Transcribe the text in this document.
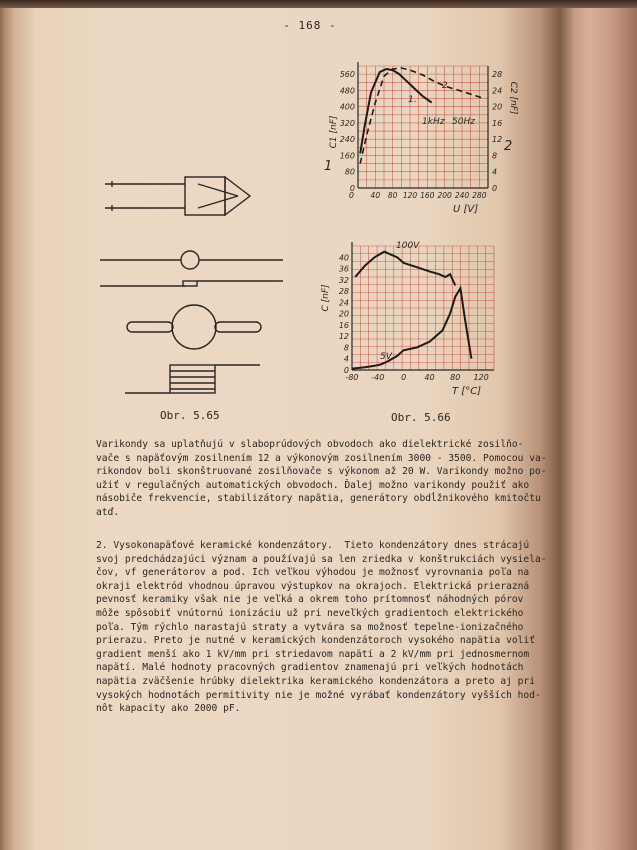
- 168 -
0
80
160
240
320
400
480
560
0
4
8
12
16
20
24
28
40 80 120 160 200 240 280
0
U [V]
C1 [nF]
C2 [nF]
1
2
1.
1kHz
2.
50Hz
0
4
8
12
16
20
24
28
32
36
40
-80 -40 0 40 80 120
T [°C]
C [nF]
100V
5V
Obr. 5.65	Obr. 5.66
Varikondy sa uplatňujú v slaboprúdových obvodoch ako dielektrické zosilňo-
vače s napäťovým zosilnením 12 a výkonovým zosilnením 3000 - 3500. Pomocou va-
rikondov boli skonštruované zosilňovače s výkonom až 20 W. Varikondy možno po-
užiť v regulačných automatických obvodoch. Ďalej možno varikondy použiť ako
násobiče frekvencie, stabilizátory napätia, generátory obdĺžnikového kmitočtu
atď.
2. Vysokonapäťové keramické kondenzátory.  Tieto kondenzátory dnes strácajú
svoj predchádzajúci význam a používajú sa len zriedka v konštrukciách vysiela-
čov, vf generátorov a pod. Ich veľkou výhodou je možnosť vyrovnania poľa na
okraji elektród vhodnou úpravou výstupkov na okrajoch. Elektrická prierazná
pevnosť keramiky však nie je veľká a okrem toho prítomnosť náhodných pórov
môže spôsobiť vnútornú ionizáciu už pri neveľkých gradientoch elektrického
poľa. Tým rýchlo narastajú straty a vytvára sa možnosť tepelne-ionizačného
prierazu. Preto je nutné v keramických kondenzátoroch vysokého napätia voliť
gradient menší ako 1 kV/mm pri striedavom napätí a 2 kV/mm pri jednosmernom
napätí. Malé hodnoty pracovných gradientov znamenajú pri veľkých hodnotách
napätia zväčšenie hrúbky dielektrika keramického kondenzátora a preto aj pri
vysokých hodnotách permitivity nie je možné vyrábať kondenzátory vyšších hod-
nôt kapacity ako 2000 pF.
